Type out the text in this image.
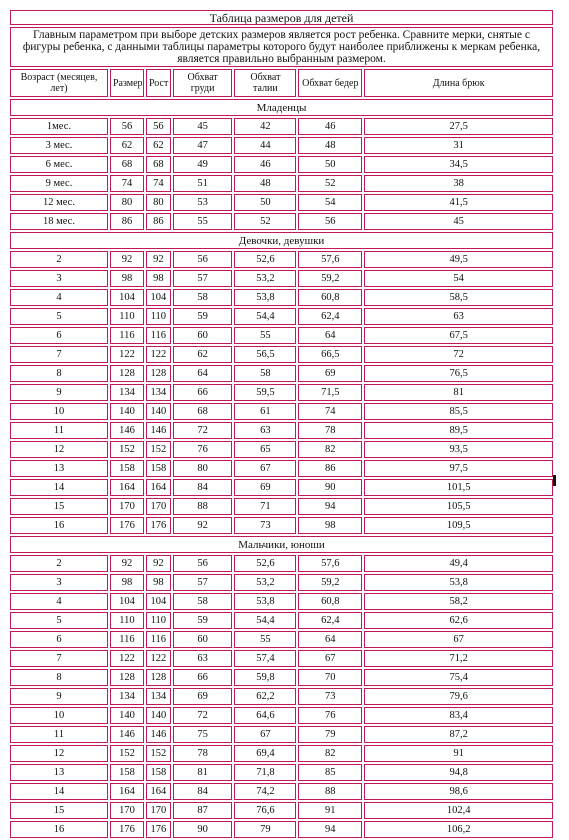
Таблица размеров для детей						
Главным параметром при выборе детских размеров является рост ребенка. Сравните мерки, снятые с фигуры ребенка, с данными таблицы параметры которого будут наиболее приближены к меркам ребенка, является правильно выбранным размером.						
Возраст (месяцев, лет)	Размер	Рост	Обхват груди	Обхват талии	Обхват бедер	Длина брюк
Младенцы						
1мес.	56	56	45	42	46	27,5
3 мес.	62	62	47	44	48	31
6 мес.	68	68	49	46	50	34,5
9 мес.	74	74	51	48	52	38
12 мес.	80	80	53	50	54	41,5
18 мес.	86	86	55	52	56	45
Девочки, девушки						
2	92	92	56	52,6	57,6	49,5
3	98	98	57	53,2	59,2	54
4	104	104	58	53,8	60,8	58,5
5	110	110	59	54,4	62,4	63
6	116	116	60	55	64	67,5
7	122	122	62	56,5	66,5	72
8	128	128	64	58	69	76,5
9	134	134	66	59,5	71,5	81
10	140	140	68	61	74	85,5
11	146	146	72	63	78	89,5
12	152	152	76	65	82	93,5
13	158	158	80	67	86	97,5
14	164	164	84	69	90	101,5
15	170	170	88	71	94	105,5
16	176	176	92	73	98	109,5
Мальчики, юноши						
2	92	92	56	52,6	57,6	49,4
3	98	98	57	53,2	59,2	53,8
4	104	104	58	53,8	60,8	58,2
5	110	110	59	54,4	62,4	62,6
6	116	116	60	55	64	67
7	122	122	63	57,4	67	71,2
8	128	128	66	59,8	70	75,4
9	134	134	69	62,2	73	79,6
10	140	140	72	64,6	76	83,4
11	146	146	75	67	79	87,2
12	152	152	78	69,4	82	91
13	158	158	81	71,8	85	94,8
14	164	164	84	74,2	88	98,6
15	170	170	87	76,6	91	102,4
16	176	176	90	79	94	106,2
